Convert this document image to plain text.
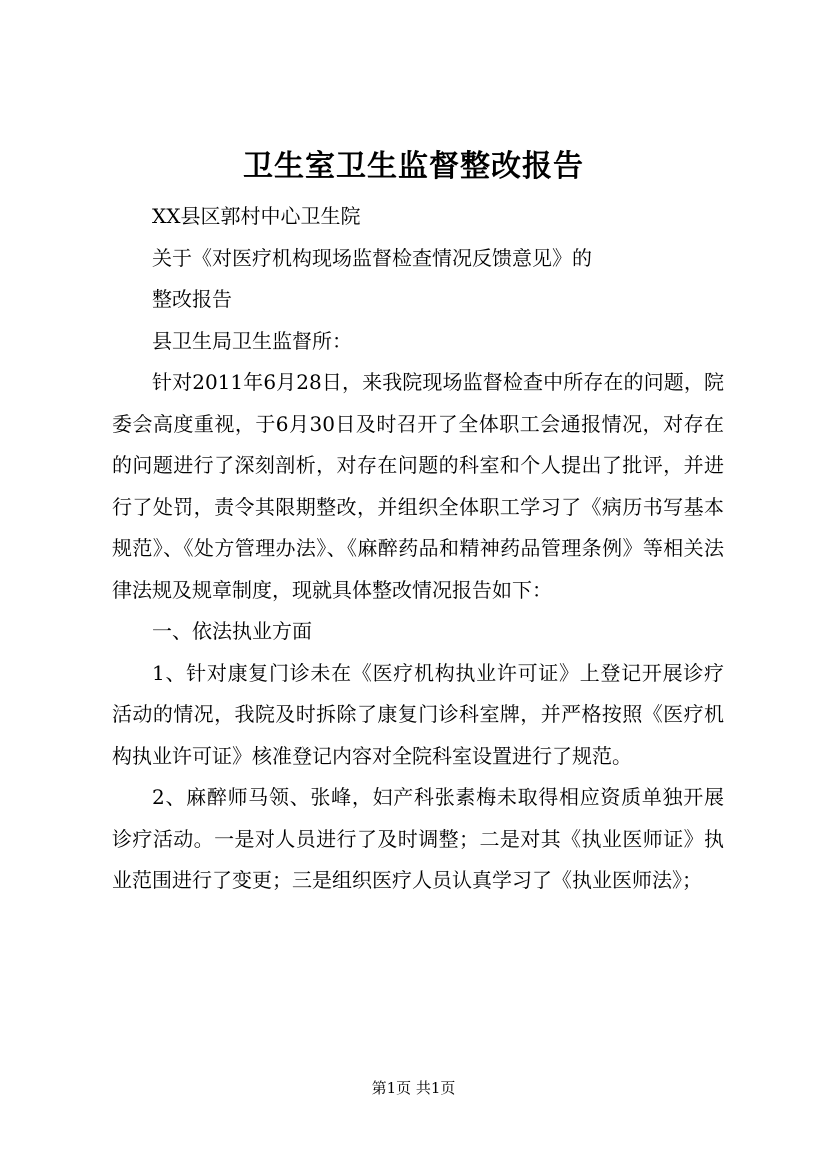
卫生室卫生监督整改报告

XX县区郭村中心卫生院

关于《对医疗机构现场监督检查情况反馈意见》的

整改报告

县卫生局卫生监督所：

针对2011年6月28日，来我院现场监督检查中所存在的问题，院委会高度重视，于6月30日及时召开了全体职工会通报情况，对存在的问题进行了深刻剖析，对存在问题的科室和个人提出了批评，并进行了处罚，责令其限期整改，并组织全体职工学习了《病历书写基本规范》、《处方管理办法》、《麻醉药品和精神药品管理条例》等相关法律法规及规章制度，现就具体整改情况报告如下：

一、依法执业方面

1、针对康复门诊未在《医疗机构执业许可证》上登记开展诊疗活动的情况，我院及时拆除了康复门诊科室牌，并严格按照《医疗机构执业许可证》核准登记内容对全院科室设置进行了规范。

2、麻醉师马领、张峰，妇产科张素梅未取得相应资质单独开展诊疗活动。一是对人员进行了及时调整；二是对其《执业医师证》执业范围进行了变更；三是组织医疗人员认真学习了《执业医师法》；

第1页 共1页
